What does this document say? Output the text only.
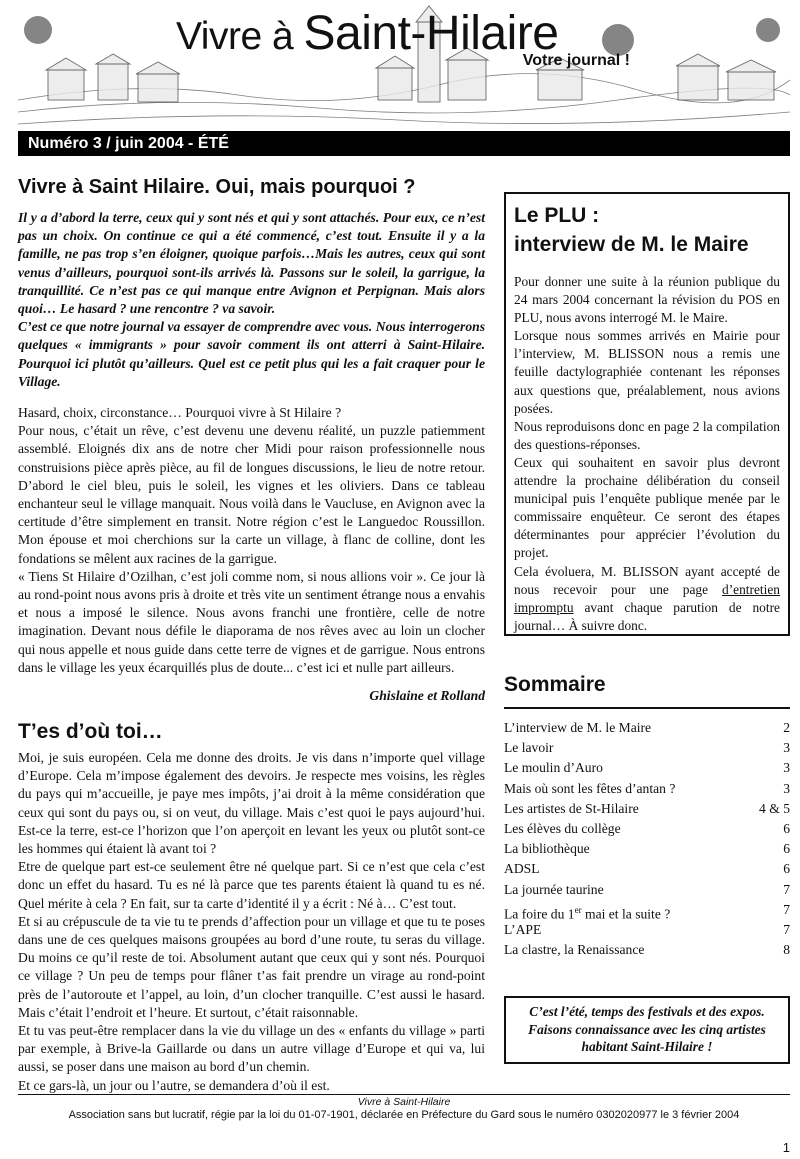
Vivre à Saint-Hilaire
Votre journal !
Numéro 3 / juin 2004 - ÉTÉ
Vivre à Saint Hilaire. Oui, mais pourquoi ?

Il y a d’abord la terre, ceux qui y sont nés et qui y sont attachés. Pour eux, ce n’est pas un choix. On continue ce qui a été commencé, c’est tout. Ensuite il y a la famille, ne pas trop s’en éloigner, quoique parfois…Mais les autres, ceux qui sont venus d’ailleurs, pourquoi sont-ils arrivés là. Passons sur le soleil, la garrigue, la tranquillité. Ce n’est pas ce qui manque entre Avignon et Perpignan. Mais alors quoi… Le hasard ? une rencontre ? va savoir.

C’est ce que notre journal va essayer de comprendre avec vous. Nous interrogerons quelques « immigrants » pour savoir comment ils ont atterri à Saint-Hilaire. Pourquoi ici plutôt qu’ailleurs. Quel est ce petit plus qui les a fait craquer pour le Village.

Hasard, choix, circonstance… Pourquoi vivre à St Hilaire ?

Pour nous, c’était un rêve, c’est devenu une devenu réalité, un puzzle patiemment assemblé. Eloignés dix ans de notre cher Midi pour raison professionnelle nous construisions pièce après pièce, au fil de longues discussions, le lieu de notre retour. D’abord le ciel bleu, puis le soleil, les vignes et les oliviers. Dans ce tableau enchanteur seul le village manquait. Nous voilà dans le Vaucluse, en Avignon avec la certitude d’être simplement en transit. Notre région c’est le Languedoc Roussillon. Mon épouse et moi cherchions sur la carte un village, à flanc de colline, dont les fondations se mêlent aux racines de la garrigue.

« Tiens St Hilaire d’Ozilhan, c’est joli comme nom, si nous allions voir ». Ce jour là au rond-point nous avons pris à droite et très vite un sentiment étrange nous a envahis et nous a imposé le silence. Nous avons franchi une frontière, celle de notre imagination. Devant nous défile le diaporama de nos rêves avec au loin un clocher qui nous appelle et nous guide dans cette terre de vignes et de garrigue. Nous entrons dans le village les yeux écarquillés plus de doute... c’est ici et nulle part ailleurs.

Ghislaine et Rolland

T’es d’où toi…

Moi, je suis européen. Cela me donne des droits. Je vis dans n’importe quel village d’Europe. Cela m’impose également des devoirs. Je respecte mes voisins, les règles du pays qui m’accueille, je paye mes impôts, j’ai droit à la même considération que ceux qui sont du pays ou, si on veut, du village. Mais c’est quoi le pays aujourd’hui. Est-ce la terre, est-ce l’horizon que l’on aperçoit en levant les yeux ou plutôt sont-ce les hommes qui étaient là avant toi ?

Etre de quelque part est-ce seulement être né quelque part. Si ce n’est que cela c’est donc un effet du hasard. Tu es né là parce que tes parents étaient là quand tu es né. Quel mérite à cela ? En fait, sur ta carte d’identité il y a écrit : Né à… C’est tout.

Et si au crépuscule de ta vie tu te prends d’affection pour un village et que tu te poses dans une de ces quelques maisons groupées au bord d’une route, tu seras du village. Du moins ce qu’il reste de toi. Absolument autant que ceux qui y sont nés. Pourquoi ce village ? Un peu de temps pour flâner t’as fait prendre un virage au rond-point près de l’autoroute et l’appel, au loin, d’un clocher tranquille. C’est aussi le hasard. Mais c’était l’endroit et l’heure. Et surtout, c’était raisonnable.

Et tu vas peut-être remplacer dans la vie du village un des « enfants du village » parti par exemple, à Brive-la Gaillarde ou dans un autre village d’Europe et qui va, lui aussi, se poser dans une maison au bord d’un chemin.

Et ce gars-là, un jour ou l’autre, se demandera d’où il est.

Le PLU :
interview de M. le Maire

Pour donner une suite à la réunion publique du 24 mars 2004 concernant la révision du POS en PLU, nous avons interrogé M. le Maire.

Lorsque nous sommes arrivés en Mairie pour l’interview, M. BLISSON nous a remis une feuille dactylographiée contenant les réponses aux questions que, préalablement, nous avions posées.

Nous reproduisons donc en page 2 la compilation des questions-réponses.

Ceux qui souhaitent en savoir plus devront attendre la prochaine délibération du conseil municipal puis l’enquête publique menée par le commissaire enquêteur. Ce seront des étapes déterminantes pour apprécier l’évolution du projet.

Cela évoluera, M. BLISSON ayant accepté de nous recevoir pour une page d’entretien impromptu avant chaque parution de notre journal… À suivre donc.

Sommaire
L’interview de M. le Maire	2
Le lavoir	3
Le moulin d’Auro	3
Mais où sont les fêtes d’antan ?	3
Les artistes de St-Hilaire	4 & 5
Les élèves du collège	6
La bibliothèque	6
ADSL	6
La journée taurine	7
La foire du 1er mai et la suite ?	7
L’APE	7
La clastre, la Renaissance	8
C’est l’été, temps des festivals et des expos. Faisons connaissance avec les cinq artistes habitant Saint-Hilaire !
Vivre à Saint-Hilaire
Association sans but lucratif, régie par la loi du 01-07-1901, déclarée en Préfecture du Gard sous le numéro 0302020977 le 3 février 2004
1
